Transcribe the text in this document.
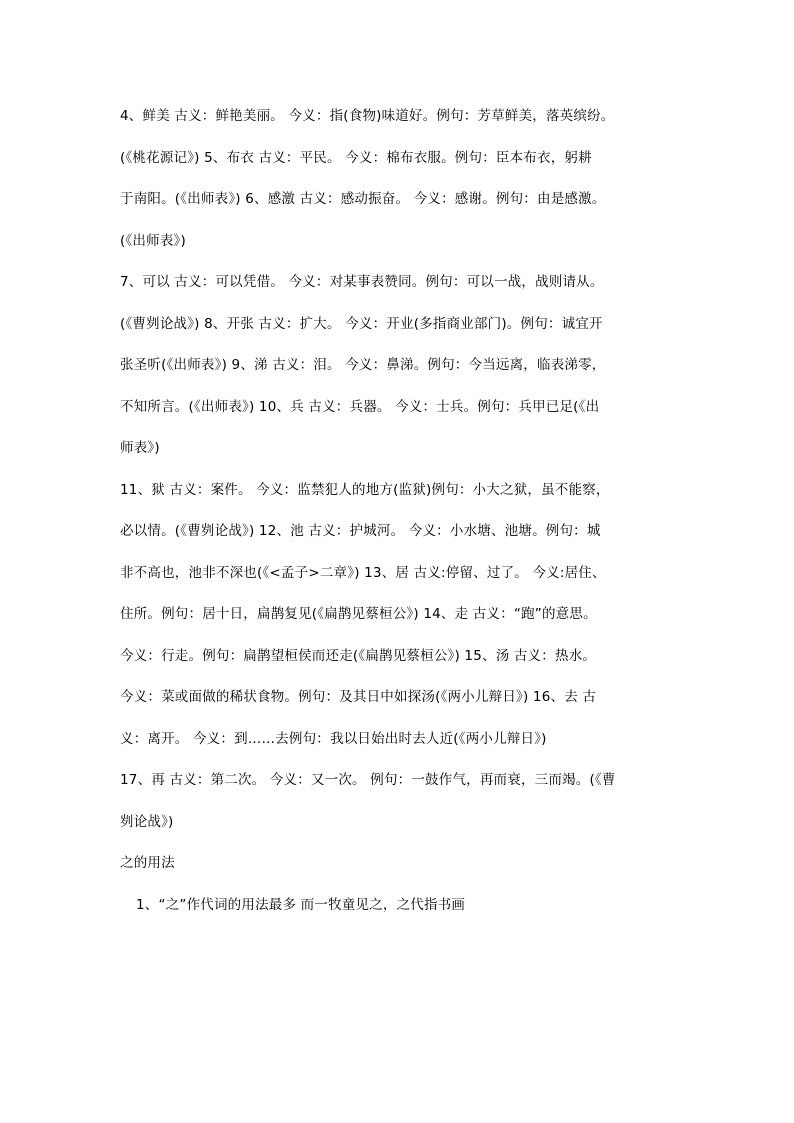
4、鲜美 古义：鲜艳美丽。 今义：指(食物)味道好。例句：芳草鲜美，落英缤纷。
(《桃花源记》) 5、布衣 古义：平民。 今义：棉布衣服。例句：臣本布衣，躬耕
于南阳。(《出师表》) 6、感激 古义：感动振奋。 今义：感谢。例句：由是感激。
(《出师表》)
7、可以 古义：可以凭借。 今义：对某事表赞同。例句：可以一战，战则请从。
(《曹刿论战》) 8、开张 古义：扩大。 今义：开业(多指商业部门)。例句：诚宜开
张圣听(《出师表》) 9、涕 古义：泪。 今义：鼻涕。例句：今当远离，临表涕零，
不知所言。(《出师表》) 10、兵 古义：兵器。 今义：士兵。例句：兵甲已足(《出
师表》)
11、狱 古义：案件。 今义：监禁犯人的地方(监狱)例句：小大之狱，虽不能察，
必以情。(《曹刿论战》) 12、池 古义：护城河。 今义：小水塘、池塘。例句：城
非不高也，池非不深也(《<孟子>二章》) 13、居 古义:停留、过了。 今义:居住、
住所。例句：居十日，扁鹊复见(《扁鹊见蔡桓公》) 14、走 古义：“跑”的意思。
今义：行走。例句：扁鹊望桓侯而还走(《扁鹊见蔡桓公》) 15、汤 古义：热水。
今义：菜或面做的稀状食物。例句：及其日中如探汤(《两小儿辩日》) 16、去 古
义：离开。 今义：到……去例句：我以日始出时去人近(《两小儿辩日》)
17、再 古义：第二次。 今义：又一次。 例句：一鼓作气，再而衰，三而竭。(《曹
刿论战》)
之的用法
1、“之”作代词的用法最多 而一牧童见之，之代指书画
